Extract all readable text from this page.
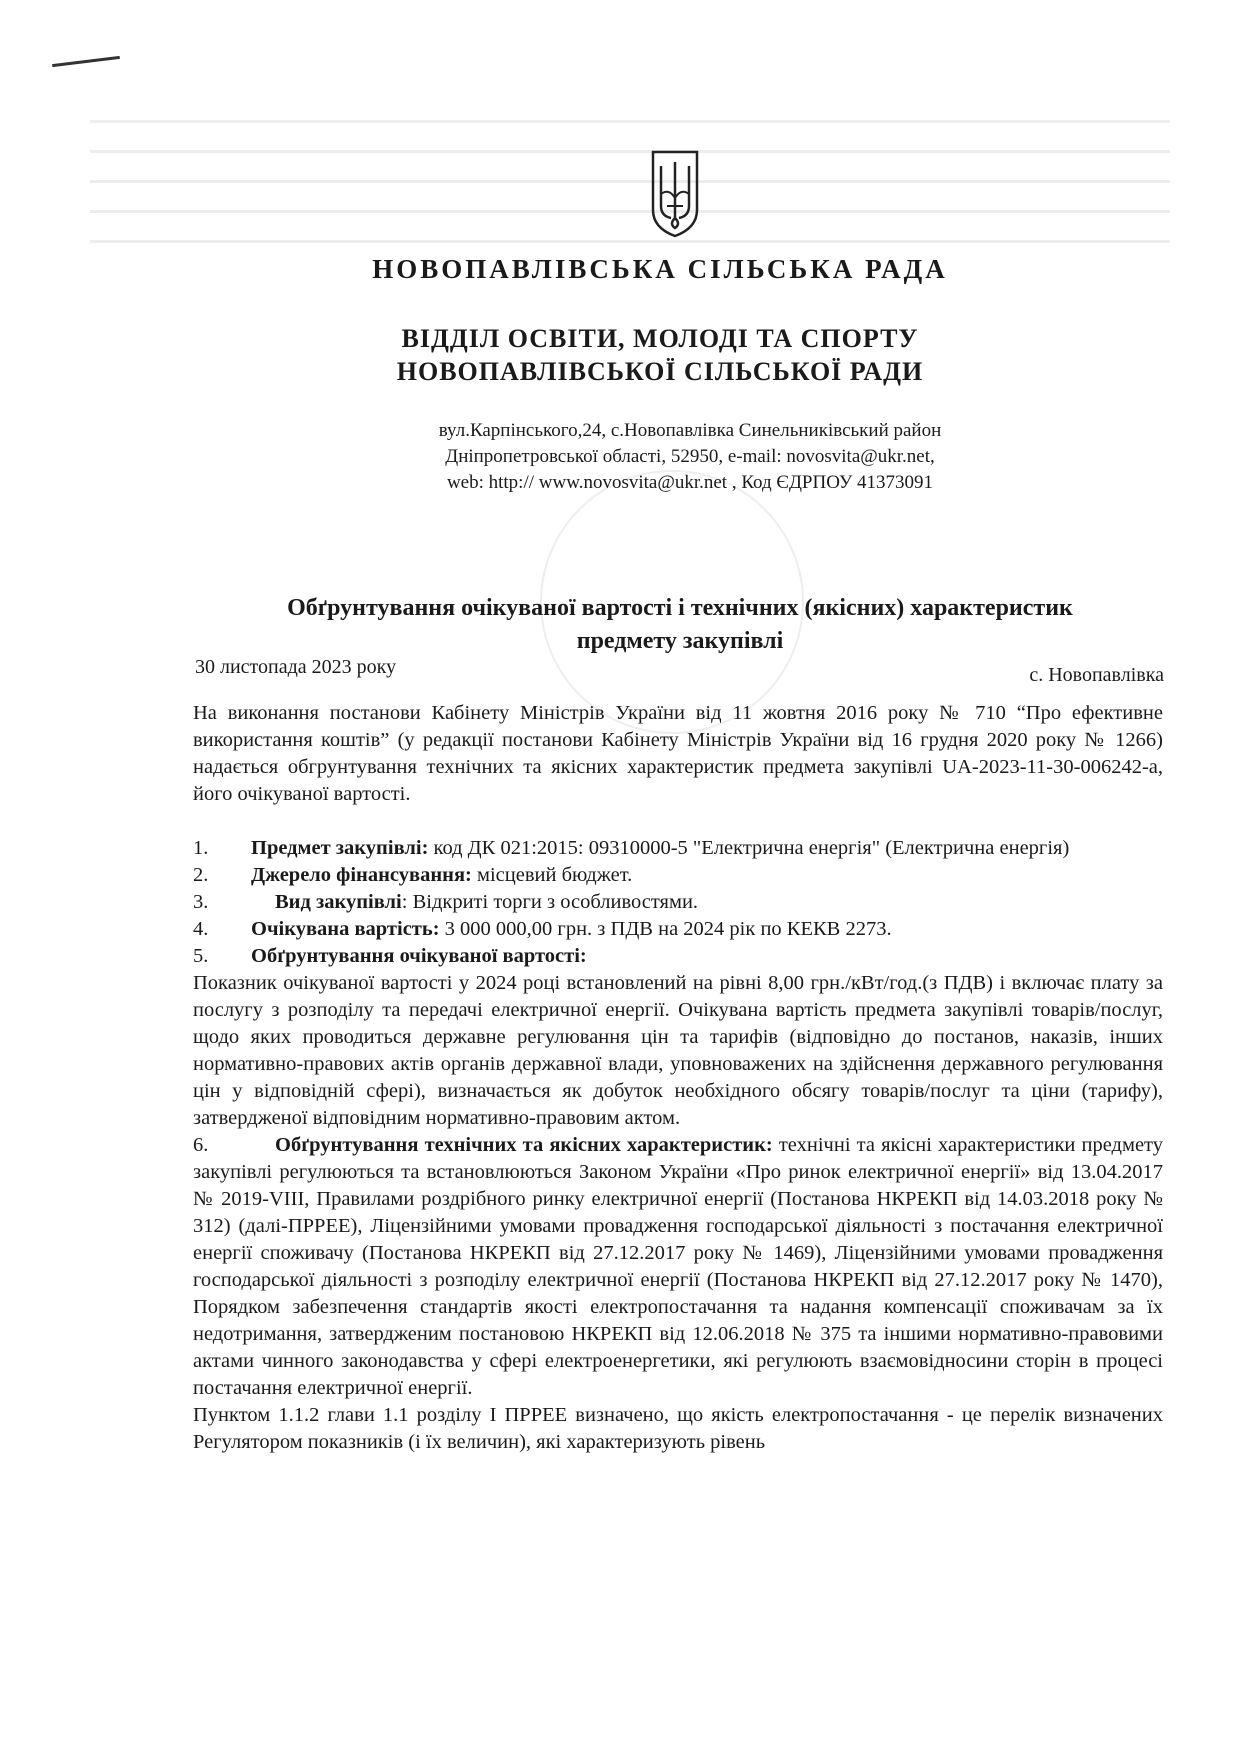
НОВОПАВЛІВСЬКА СІЛЬСЬКА РАДА
ВІДДІЛ ОСВІТИ, МОЛОДІ ТА СПОРТУ
НОВОПАВЛІВСЬКОЇ СІЛЬСЬКОЇ РАДИ

вул.Карпінського,24, с.Новопавлівка Синельниківський район
Дніпропетровської області, 52950, e-mail: novosvita@ukr.net,
web: http:// www.novosvita@ukr.net , Код ЄДРПОУ 41373091

Обґрунтування очікуваної вартості і технічних (якісних) характеристик
предмету закупівлі
30 листопада 2023 року	с. Новопавлівка

На виконання постанови Кабінету Міністрів України від 11 жовтня 2016 року № 710 “Про ефективне використання коштів” (у редакції постанови Кабінету Міністрів України від 16 грудня 2020 року № 1266) надається обгрунтування технічних та якісних характеристик предмета закупівлі UA-2023-11-30-006242-а, його очікуваної вартості.

1. Предмет закупівлі: код ДК 021:2015: 09310000-5 "Електрична енергія" (Електрична енергія)

2. Джерело фінансування: місцевий бюджет.

3.	Вид закупівлі: Відкриті торги з особливостями.

4. Очікувана вартість: 3 000 000,00 грн. з ПДВ на 2024 рік по КЕКВ 2273.

5. Обґрунтування очікуваної вартості:

Показник очікуваної вартості у 2024 році встановлений на рівні 8,00 грн./кВт/год.(з ПДВ) і включає плату за послугу з розподілу та передачі електричної енергії. Очікувана вартість предмета закупівлі товарів/послуг, щодо яких проводиться державне регулювання цін та тарифів (відповідно до постанов, наказів, інших нормативно-правових актів органів державної влади, уповноважених на здійснення державного регулювання цін у відповідній сфері), визначається як добуток необхідного обсягу товарів/послуг та ціни (тарифу), затвердженої відповідним нормативно-правовим актом.

6.	Обґрунтування технічних та якісних характеристик: технічні та якісні характеристики предмету закупівлі регулюються та встановлюються Законом України «Про ринок електричної енергії» від 13.04.2017 № 2019-VIII, Правилами роздрібного ринку електричної енергії (Постанова НКРЕКП від 14.03.2018 року № 312) (далі-ПРРЕЕ), Ліцензійними умовами провадження господарської діяльності з постачання електричної енергії споживачу (Постанова НКРЕКП від 27.12.2017 року № 1469), Ліцензійними умовами провадження господарської діяльності з розподілу електричної енергії (Постанова НКРЕКП від 27.12.2017 року № 1470), Порядком забезпечення стандартів якості електропостачання та надання компенсації споживачам за їх недотримання, затвердженим постановою НКРЕКП від 12.06.2018 № 375 та іншими нормативно-правовими актами чинного законодавства у сфері електроенергетики, які регулюють взаємовідносини сторін в процесі постачання електричної енергії.

Пунктом 1.1.2 глави 1.1 розділу І ПРРЕЕ визначено, що якість електропостачання - це перелік визначених Регулятором показників (і їх величин), які характеризують рівень
